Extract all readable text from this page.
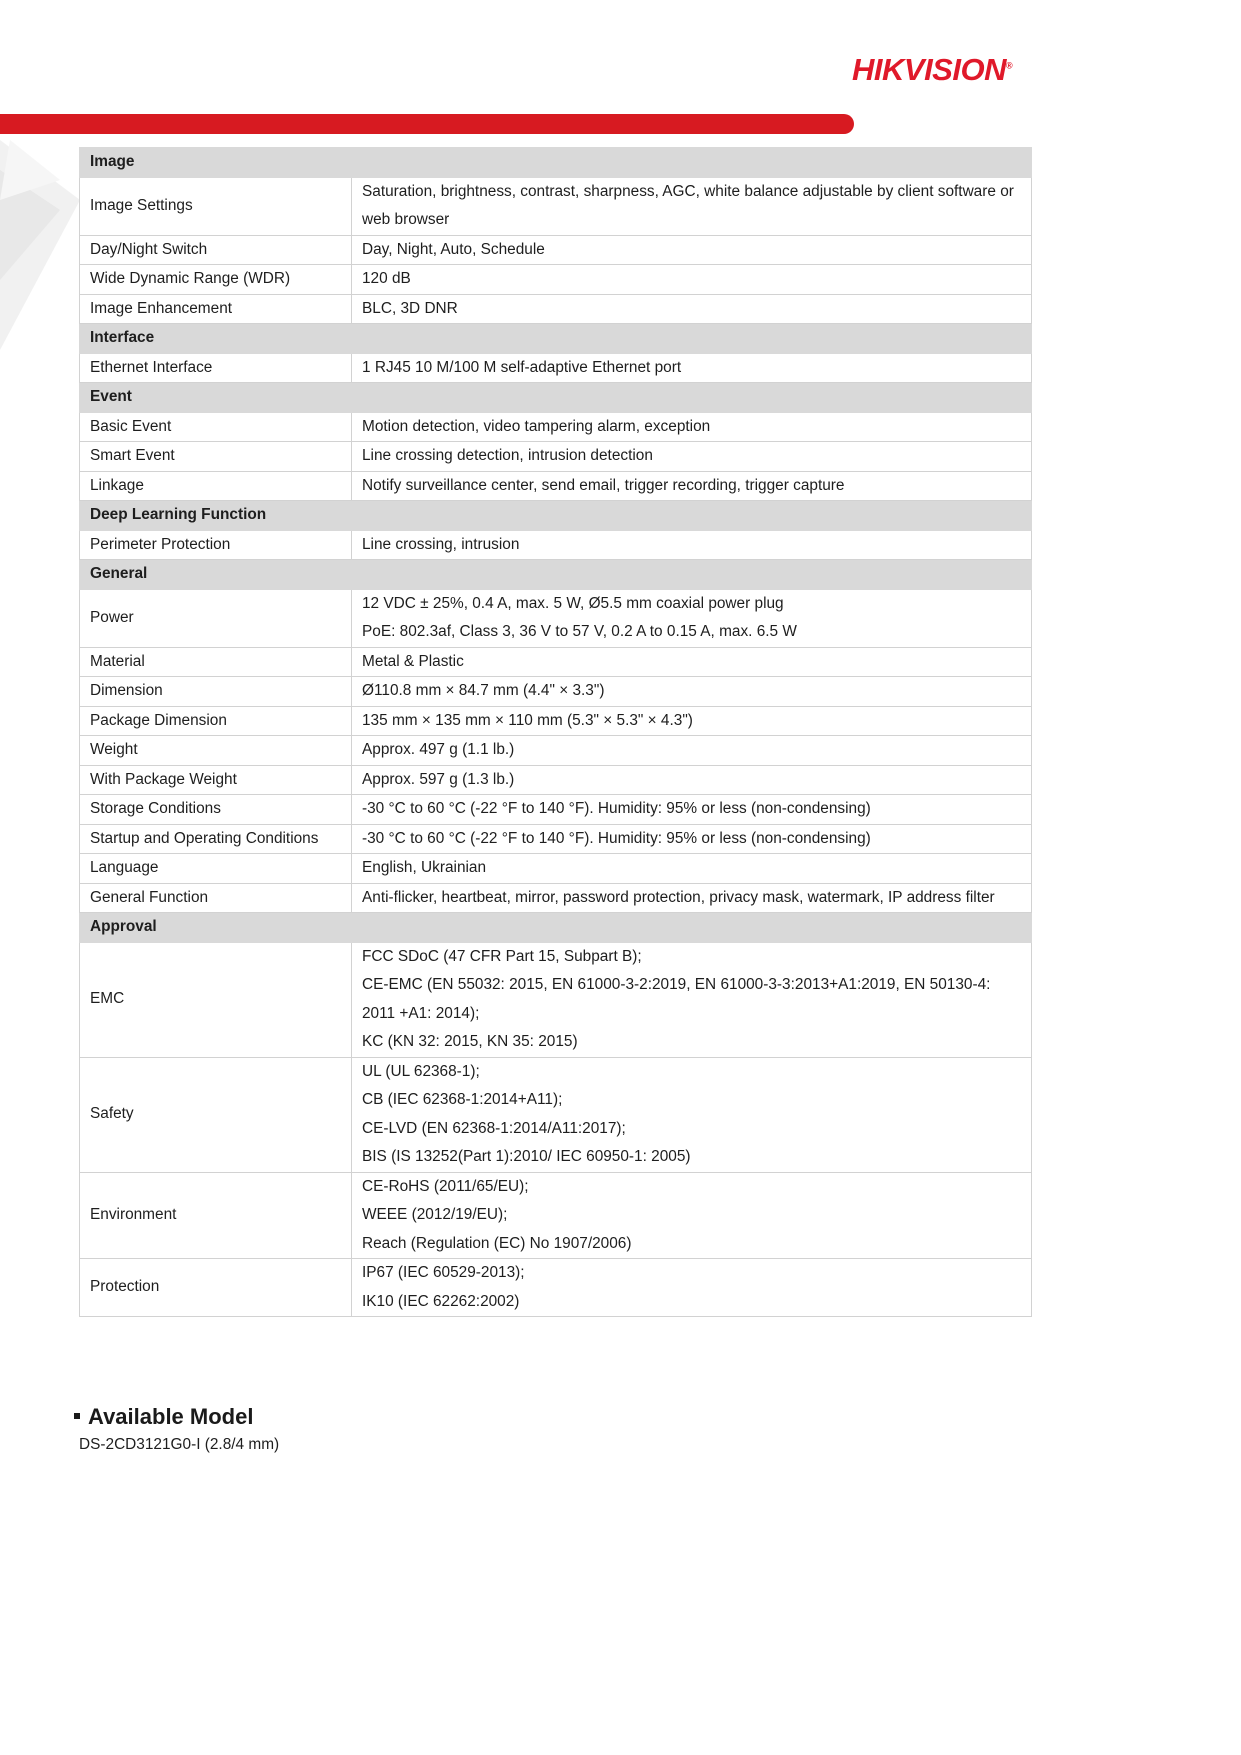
HIKVISION®
Image	
Image Settings	Saturation, brightness, contrast, sharpness, AGC, white balance adjustable by client software or web browser
Day/Night Switch	Day, Night, Auto, Schedule
Wide Dynamic Range (WDR)	120 dB
Image Enhancement	BLC, 3D DNR
Interface	
Ethernet Interface	1 RJ45 10 M/100 M self-adaptive Ethernet port
Event	
Basic Event	Motion detection, video tampering alarm, exception
Smart Event	Line crossing detection, intrusion detection
Linkage	Notify surveillance center, send email, trigger recording, trigger capture
Deep Learning Function	
Perimeter Protection	Line crossing, intrusion
General	
Power	12 VDC ± 25%, 0.4 A, max. 5 W, Ø5.5 mm coaxial power plug
PoE: 802.3af, Class 3, 36 V to 57 V, 0.2 A to 0.15 A, max. 6.5 W
Material	Metal & Plastic
Dimension	Ø110.8 mm × 84.7 mm (4.4" × 3.3")
Package Dimension	135 mm × 135 mm × 110 mm (5.3" × 5.3" × 4.3")
Weight	Approx. 497 g (1.1 lb.)
With Package Weight	Approx. 597 g (1.3 lb.)
Storage Conditions	-30 °C to 60 °C (-22 °F to 140 °F). Humidity: 95% or less (non-condensing)
Startup and Operating Conditions	-30 °C to 60 °C (-22 °F to 140 °F). Humidity: 95% or less (non-condensing)
Language	English, Ukrainian
General Function	Anti-flicker, heartbeat, mirror, password protection, privacy mask, watermark, IP address filter
Approval	
EMC	FCC SDoC (47 CFR Part 15, Subpart B);
CE-EMC (EN 55032: 2015, EN 61000-3-2:2019, EN 61000-3-3:2013+A1:2019, EN 50130-4: 2011 +A1: 2014);
KC (KN 32: 2015, KN 35: 2015)
Safety	UL (UL 62368-1);
CB (IEC 62368-1:2014+A11);
CE-LVD (EN 62368-1:2014/A11:2017);
BIS (IS 13252(Part 1):2010/ IEC 60950-1: 2005)
Environment	CE-RoHS (2011/65/EU);
WEEE (2012/19/EU);
Reach (Regulation (EC) No 1907/2006)
Protection	IP67 (IEC 60529-2013);
IK10 (IEC 62262:2002)
Available Model
DS-2CD3121G0-I (2.8/4 mm)
